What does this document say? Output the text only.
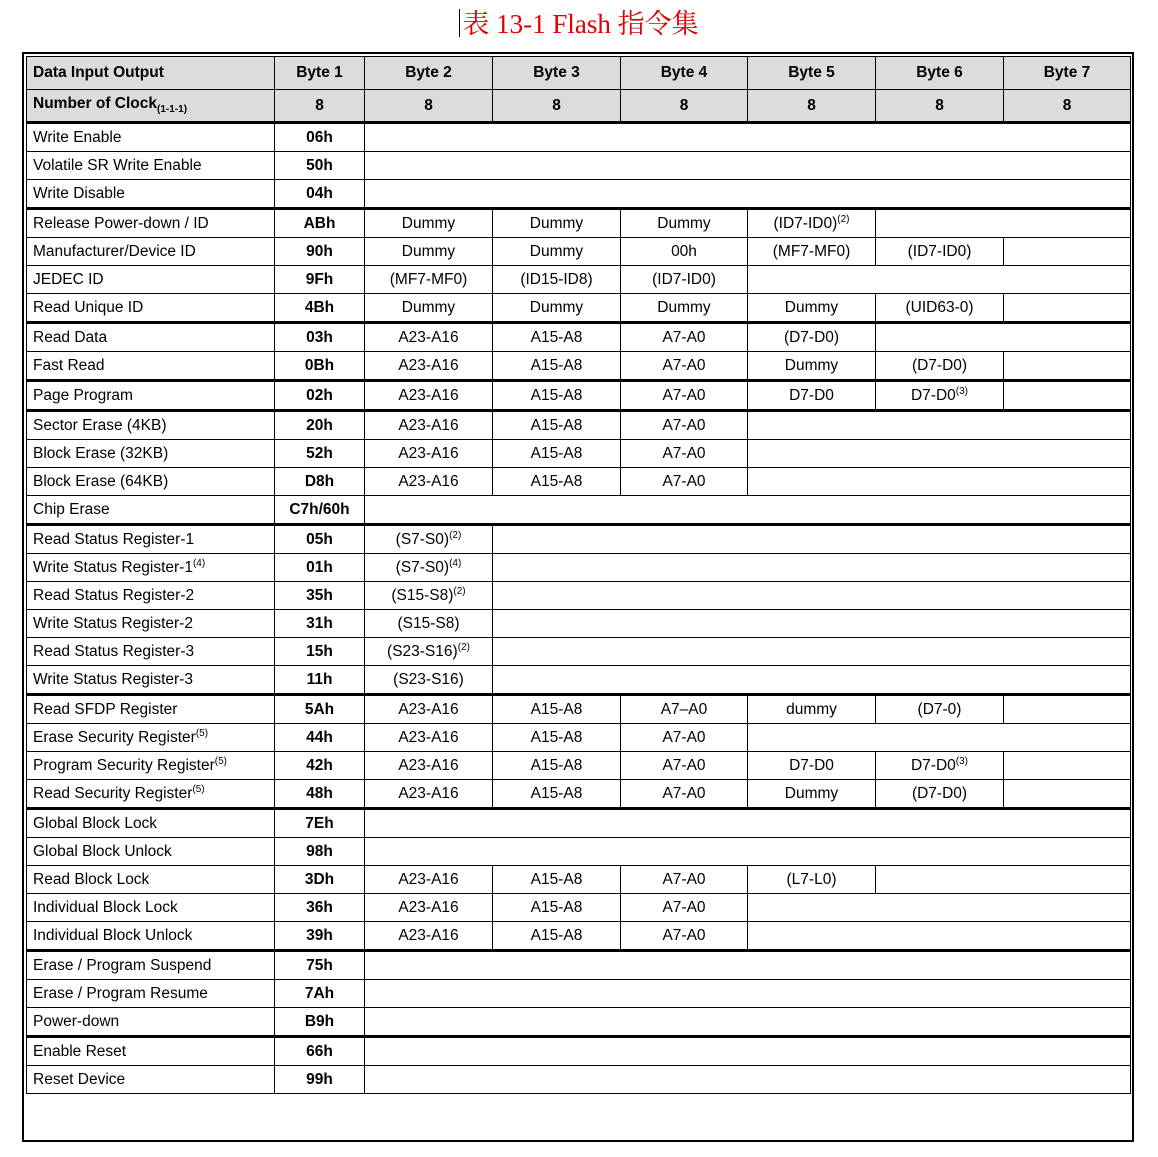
表 13-1 Flash 指令集
Data Input Output	Byte 1	Byte 2	Byte 3	Byte 4	Byte 5	Byte 6	Byte 7
Number of Clock$_{(1-1-1)}$	8	8	8	8	8	8	8
Write Enable	06h						
Volatile SR Write Enable	50h						
Write Disable	04h						
Release Power-down / ID	ABh	Dummy	Dummy	Dummy	$(ID7-ID0)^{(2)}$	
Manufacturer/Device ID	90h	Dummy	Dummy	00h	(MF7-MF0)	(ID7-ID0)	
JEDEC ID	9Fh	(MF7-MF0)	(ID15-ID8)	(ID7-ID0)			
Read Unique ID	4Bh	Dummy	Dummy	Dummy	Dummy	(UID63-0)	
Read Data	03h	A23-A16	A15-A8	A7-A0	(D7-D0)		
Fast Read	0Bh	A23-A16	A15-A8	A7-A0	Dummy	(D7-D0)	
Page Program	02h	A23-A16	A15-A8	A7-A0	D7-D0	D7-D0$^{(3)}$	
Sector Erase (4KB)	20h	A23-A16	A15-A8	A7-A0			
Block Erase (32KB)	52h	A23-A16	A15-A8	A7-A0			
Block Erase (64KB)	D8h	A23-A16	A15-A8	A7-A0			
Chip Erase	C7h/60h						
Read Status Register-1	05h	$(S7-S0)^{(2)}$	
Write Status Register-1$^{(4)}$	01h	$(S7-S0)^{(4)}$	
Read Status Register-2	35h	$(S15-S8)^{(2)}$	
Write Status Register-2	31h	(S15-S8)					
Read Status Register-3	15h	$(S23-S16)^{(2)}$	
Write Status Register-3	11h	(S23-S16)					
Read SFDP Register	5Ah	A23-A16	A15-A8	A7–A0	dummy	(D7-0)	
Erase Security Register$^{(5)}$	44h	A23-A16	A15-A8	A7-A0			
Program Security Register$^{(5)}$	42h	A23-A16	A15-A8	A7-A0	D7-D0	D7-D0$^{(3)}$	
Read Security Register$^{(5)}$	48h	A23-A16	A15-A8	A7-A0	Dummy	(D7-D0)	
Global Block Lock	7Eh						
Global Block Unlock	98h						
Read Block Lock	3Dh	A23-A16	A15-A8	A7-A0	(L7-L0)		
Individual Block Lock	36h	A23-A16	A15-A8	A7-A0			
Individual Block Unlock	39h	A23-A16	A15-A8	A7-A0			
Erase / Program Suspend	75h						
Erase / Program Resume	7Ah						
Power-down	B9h						
Enable Reset	66h						
Reset Device	99h						
